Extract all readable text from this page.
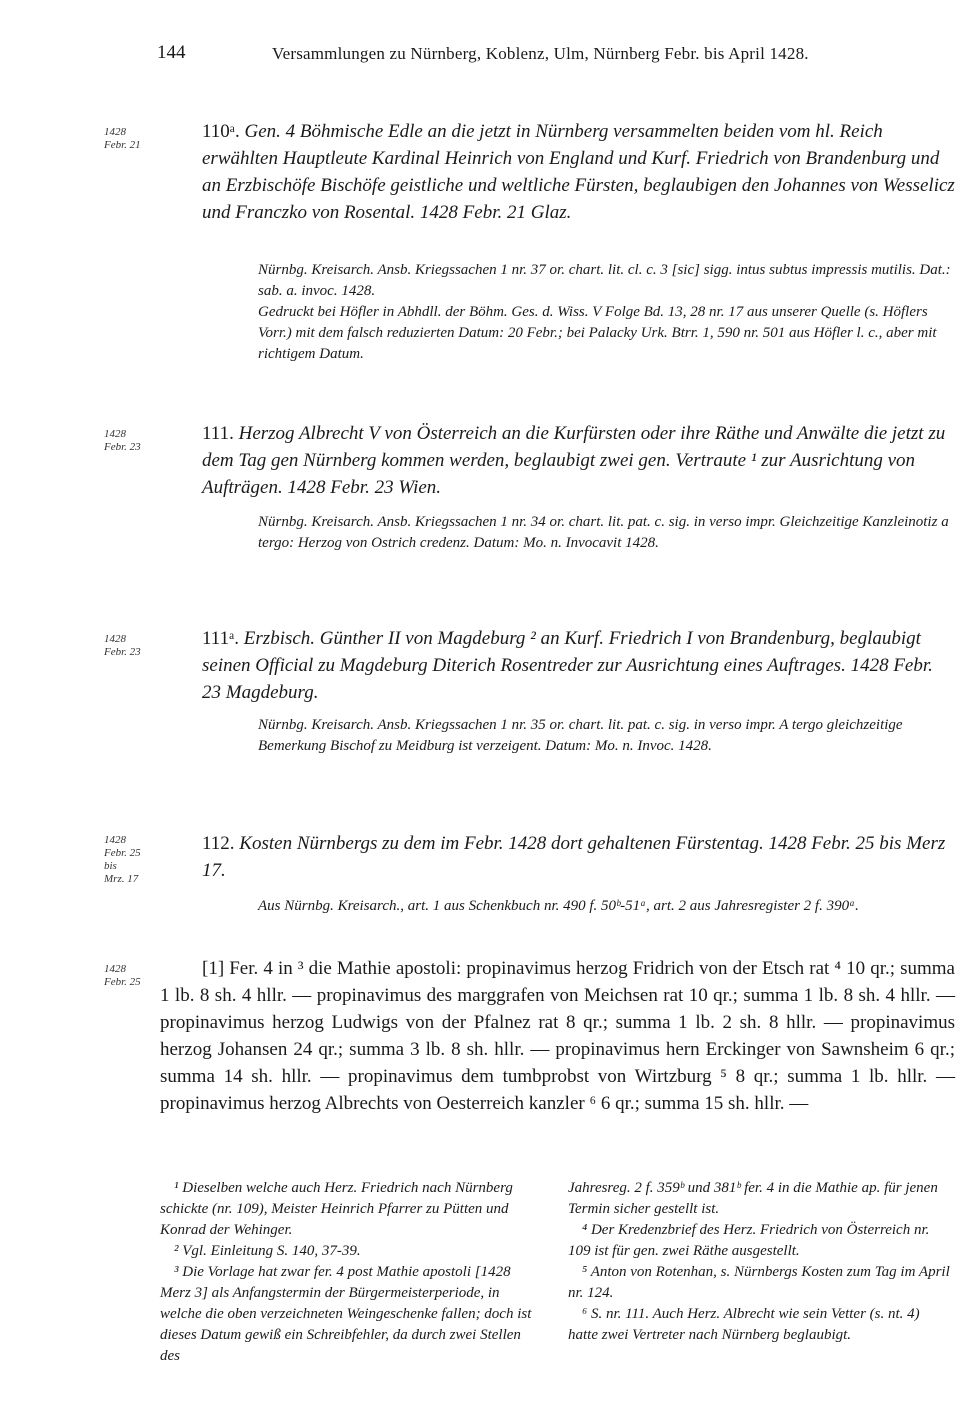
144	Versammlungen zu Nürnberg, Koblenz, Ulm, Nürnberg Febr. bis April 1428.
1428
Febr. 21

110ᵃ. Gen. 4 Böhmische Edle an die jetzt in Nürnberg versammelten beiden vom hl. Reich erwählten Hauptleute Kardinal Heinrich von England und Kurf. Friedrich von Brandenburg und an Erzbischöfe Bischöfe geistliche und weltliche Fürsten, beglaubigen den Johannes von Wesselicz und Franczko von Rosental. 1428 Febr. 21 Glaz.

Nürnbg. Kreisarch. Ansb. Kriegssachen 1 nr. 37 or. chart. lit. cl. c. 3 [sic] sigg. intus subtus impressis mutilis. Dat.: sab. a. invoc. 1428.
Gedruckt bei Höfler in Abhdll. der Böhm. Ges. d. Wiss. V Folge Bd. 13, 28 nr. 17 aus unserer Quelle (s. Höflers Vorr.) mit dem falsch reduzierten Datum: 20 Febr.; bei Palacky Urk. Btrr. 1, 590 nr. 501 aus Höfler l. c., aber mit richtigem Datum.
1428
Febr. 23

111. Herzog Albrecht V von Österreich an die Kurfürsten oder ihre Räthe und Anwälte die jetzt zu dem Tag gen Nürnberg kommen werden, beglaubigt zwei gen. Vertraute ¹ zur Ausrichtung von Aufträgen. 1428 Febr. 23 Wien.

Nürnbg. Kreisarch. Ansb. Kriegssachen 1 nr. 34 or. chart. lit. pat. c. sig. in verso impr. Gleichzeitige Kanzleinotiz a tergo: Herzog von Ostrich credenz. Datum: Mo. n. Invocavit 1428.
1428
Febr. 23

111ᵃ. Erzbisch. Günther II von Magdeburg ² an Kurf. Friedrich I von Brandenburg, beglaubigt seinen Official zu Magdeburg Diterich Rosentreder zur Ausrichtung eines Auftrages. 1428 Febr. 23 Magdeburg.

Nürnbg. Kreisarch. Ansb. Kriegssachen 1 nr. 35 or. chart. lit. pat. c. sig. in verso impr. A tergo gleichzeitige Bemerkung Bischof zu Meidburg ist verzeigent. Datum: Mo. n. Invoc. 1428.
1428
Febr. 25
bis
Mrz. 17

112. Kosten Nürnbergs zu dem im Febr. 1428 dort gehaltenen Fürstentag. 1428 Febr. 25 bis Merz 17.

Aus Nürnbg. Kreisarch., art. 1 aus Schenkbuch nr. 490 f. 50ᵇ-51ᵃ, art. 2 aus Jahresregister 2 f. 390ᵃ.
1428
Febr. 25
[1] Fer. 4 in ³ die Mathie apostoli: propinavimus herzog Fridrich von der Etsch rat ⁴ 10 qr.; summa 1 lb. 8 sh. 4 hllr. — propinavimus des marggrafen von Meichsen rat 10 qr.; summa 1 lb. 8 sh. 4 hllr. — propinavimus herzog Ludwigs von der Pfalnez rat 8 qr.; summa 1 lb. 2 sh. 8 hllr. — propinavimus herzog Johansen 24 qr.; summa 3 lb. 8 sh. hllr. — propinavimus hern Erckinger von Sawnsheim 6 qr.; summa 14 sh. hllr. — propinavimus dem tumbprobst von Wirtzburg ⁵ 8 qr.; summa 1 lb. hllr. — propinavimus herzog Albrechts von Oesterreich kanzler ⁶ 6 qr.; summa 15 sh. hllr. —

¹ Dieselben welche auch Herz. Friedrich nach Nürnberg schickte (nr. 109), Meister Heinrich Pfarrer zu Pütten und Konrad der Wehinger.

² Vgl. Einleitung S. 140, 37-39.

³ Die Vorlage hat zwar fer. 4 post Mathie apostoli [1428 Merz 3] als Anfangstermin der Bürgermeisterperiode, in welche die oben verzeichneten Weingeschenke fallen; doch ist dieses Datum gewiß ein Schreibfehler, da durch zwei Stellen des

Jahresreg. 2 f. 359ᵇ und 381ᵇ fer. 4 in die Mathie ap. für jenen Termin sicher gestellt ist.

⁴ Der Kredenzbrief des Herz. Friedrich von Österreich nr. 109 ist für gen. zwei Räthe ausgestellt.

⁵ Anton von Rotenhan, s. Nürnbergs Kosten zum Tag im April nr. 124.

⁶ S. nr. 111. Auch Herz. Albrecht wie sein Vetter (s. nt. 4) hatte zwei Vertreter nach Nürnberg beglaubigt.
